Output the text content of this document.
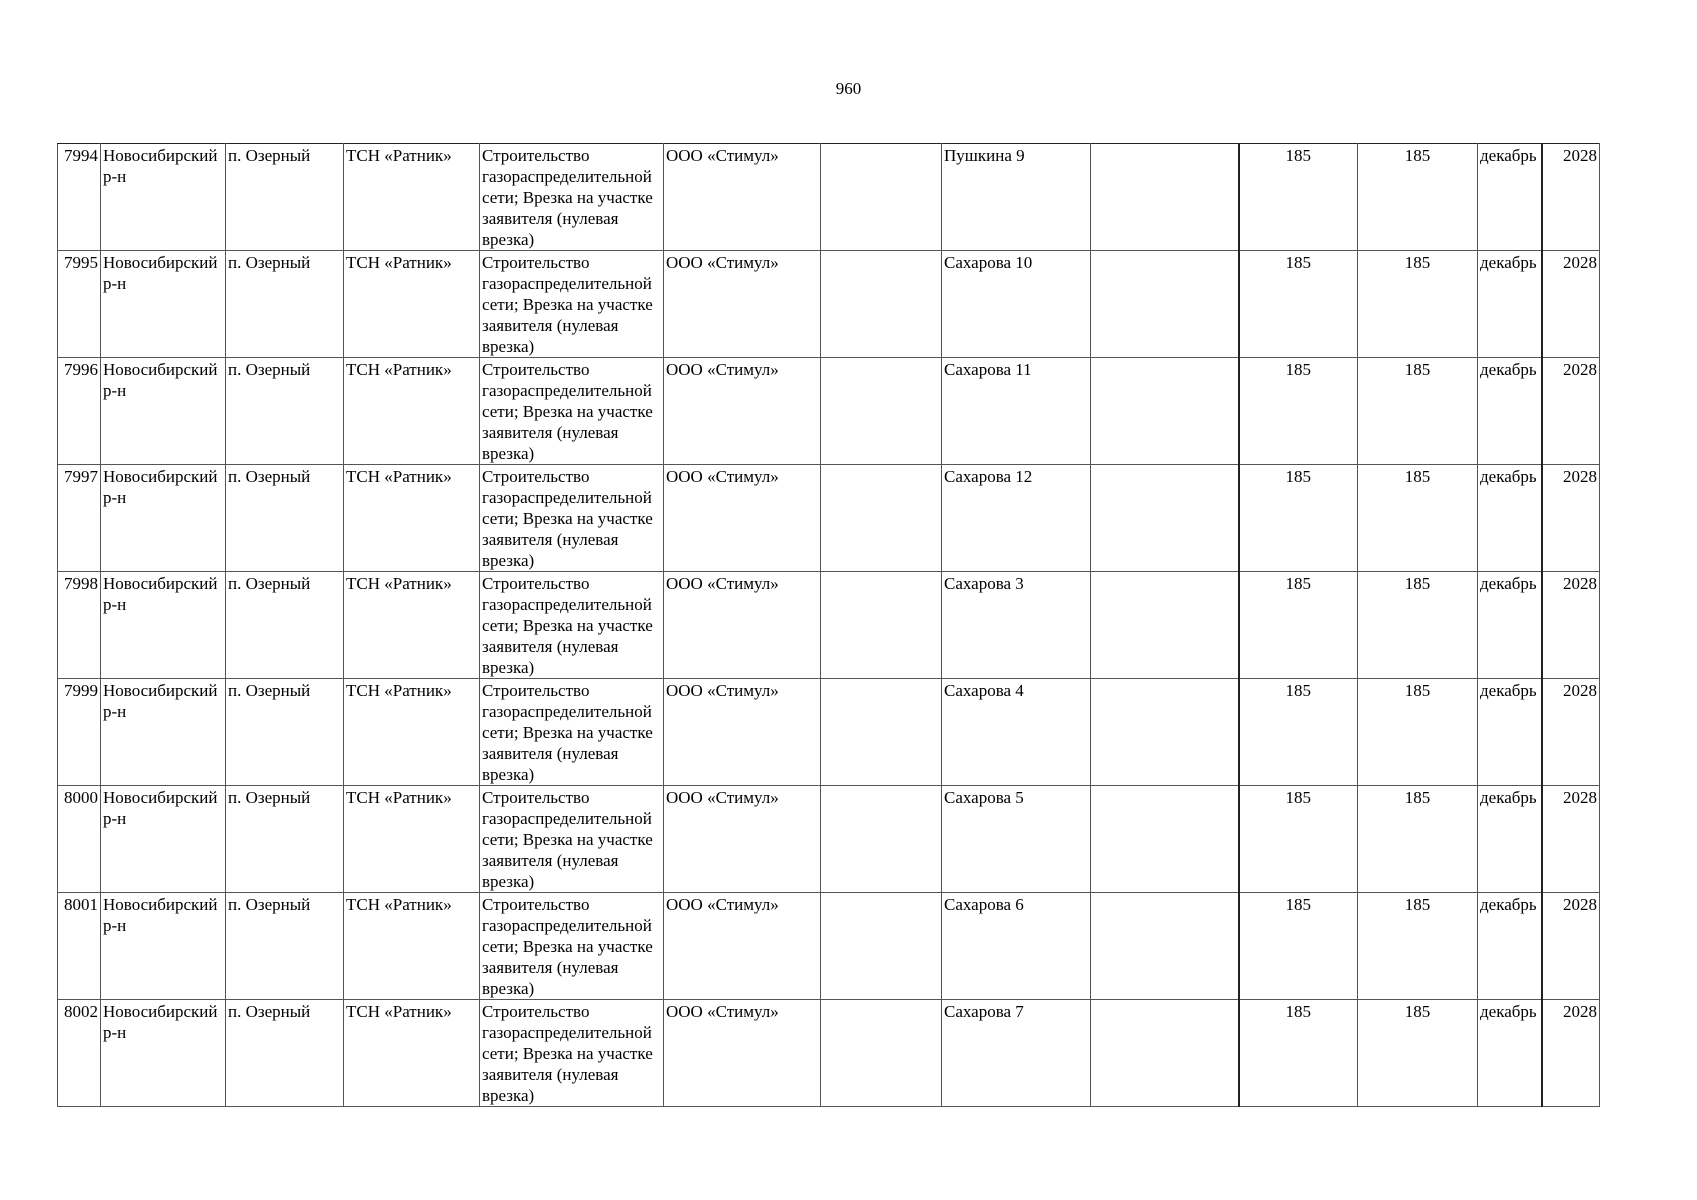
960
7994	Новосибирский р-н	п. Озерный	ТСН «Ратник»	Строительство газораспределительной сети; Врезка на участке заявителя (нулевая врезка)	ООО «Стимул»		Пушкина 9		185	185	декабрь	2028
7995	Новосибирский р-н	п. Озерный	ТСН «Ратник»	Строительство газораспределительной сети; Врезка на участке заявителя (нулевая врезка)	ООО «Стимул»		Сахарова 10		185	185	декабрь	2028
7996	Новосибирский р-н	п. Озерный	ТСН «Ратник»	Строительство газораспределительной сети; Врезка на участке заявителя (нулевая врезка)	ООО «Стимул»		Сахарова 11		185	185	декабрь	2028
7997	Новосибирский р-н	п. Озерный	ТСН «Ратник»	Строительство газораспределительной сети; Врезка на участке заявителя (нулевая врезка)	ООО «Стимул»		Сахарова 12		185	185	декабрь	2028
7998	Новосибирский р-н	п. Озерный	ТСН «Ратник»	Строительство газораспределительной сети; Врезка на участке заявителя (нулевая врезка)	ООО «Стимул»		Сахарова 3		185	185	декабрь	2028
7999	Новосибирский р-н	п. Озерный	ТСН «Ратник»	Строительство газораспределительной сети; Врезка на участке заявителя (нулевая врезка)	ООО «Стимул»		Сахарова 4		185	185	декабрь	2028
8000	Новосибирский р-н	п. Озерный	ТСН «Ратник»	Строительство газораспределительной сети; Врезка на участке заявителя (нулевая врезка)	ООО «Стимул»		Сахарова 5		185	185	декабрь	2028
8001	Новосибирский р-н	п. Озерный	ТСН «Ратник»	Строительство газораспределительной сети; Врезка на участке заявителя (нулевая врезка)	ООО «Стимул»		Сахарова 6		185	185	декабрь	2028
8002	Новосибирский р-н	п. Озерный	ТСН «Ратник»	Строительство газораспределительной сети; Врезка на участке заявителя (нулевая врезка)	ООО «Стимул»		Сахарова 7		185	185	декабрь	2028
